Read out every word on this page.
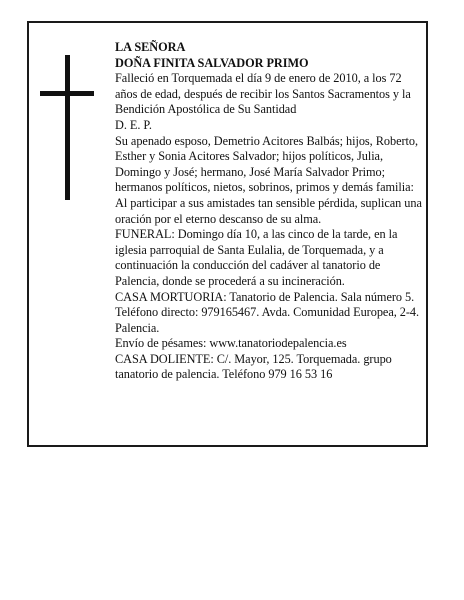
LA SEÑORA

DOÑA FINITA SALVADOR PRIMO

Falleció en Torquemada el día 9 de enero de 2010, a los 72 años de edad, después de recibir los Santos Sacramentos y la Bendición Apostólica de Su Santidad

D. E. P.

Su apenado esposo, Demetrio Acitores Balbás; hijos, Roberto, Esther y Sonia Acitores Salvador; hijos políticos, Julia, Domingo y José; hermano, José María Salvador Primo; hermanos políticos, nietos, sobrinos, primos y demás familia:

Al participar a sus amistades tan sensible pérdida, suplican una oración por el eterno descanso de su alma.

FUNERAL: Domingo día 10, a las cinco de la tarde, en la iglesia parroquial de Santa Eulalia, de Torquemada, y a continuación la conducción del cadáver al tanatorio de Palencia, donde se procederá a su incineración.

CASA MORTUORIA: Tanatorio de Palencia. Sala número 5. Teléfono directo: 979165467. Avda. Comunidad Europea, 2-4. Palencia.

Envío de pésames: www.tanatoriodepalencia.es

CASA DOLIENTE: C/. Mayor, 125. Torquemada. grupo tanatorio de palencia. Teléfono 979 16 53 16
